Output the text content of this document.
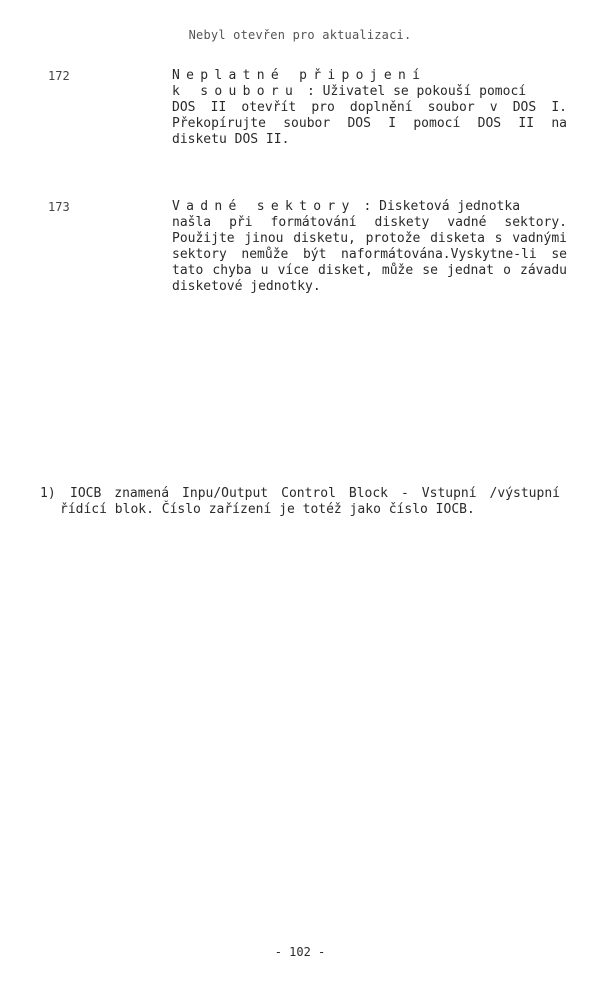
Nebyl otevřen pro aktualizaci.
172	Neplatné připojení
k souboru : Uživatel se pokouší pomocí
DOS II otevřít pro doplnění soubor v DOS I.
Překopírujte soubor DOS I pomocí DOS II na
disketu DOS II.
173	Vadné sektory : Disketová jednotka
našla při formátování diskety vadné sektory.
Použijte jinou disketu, protože disketa s vadnými
sektory nemůže být naformátována.Vyskytne-li se
tato chyba u více disket, může se jednat o závadu
disketové jednotky.
1) IOCB znamená Inpu/Output Control Block - Vstupní /výstupní
řídící blok. Číslo zařízení je totéž jako číslo IOCB.
- 102 -
